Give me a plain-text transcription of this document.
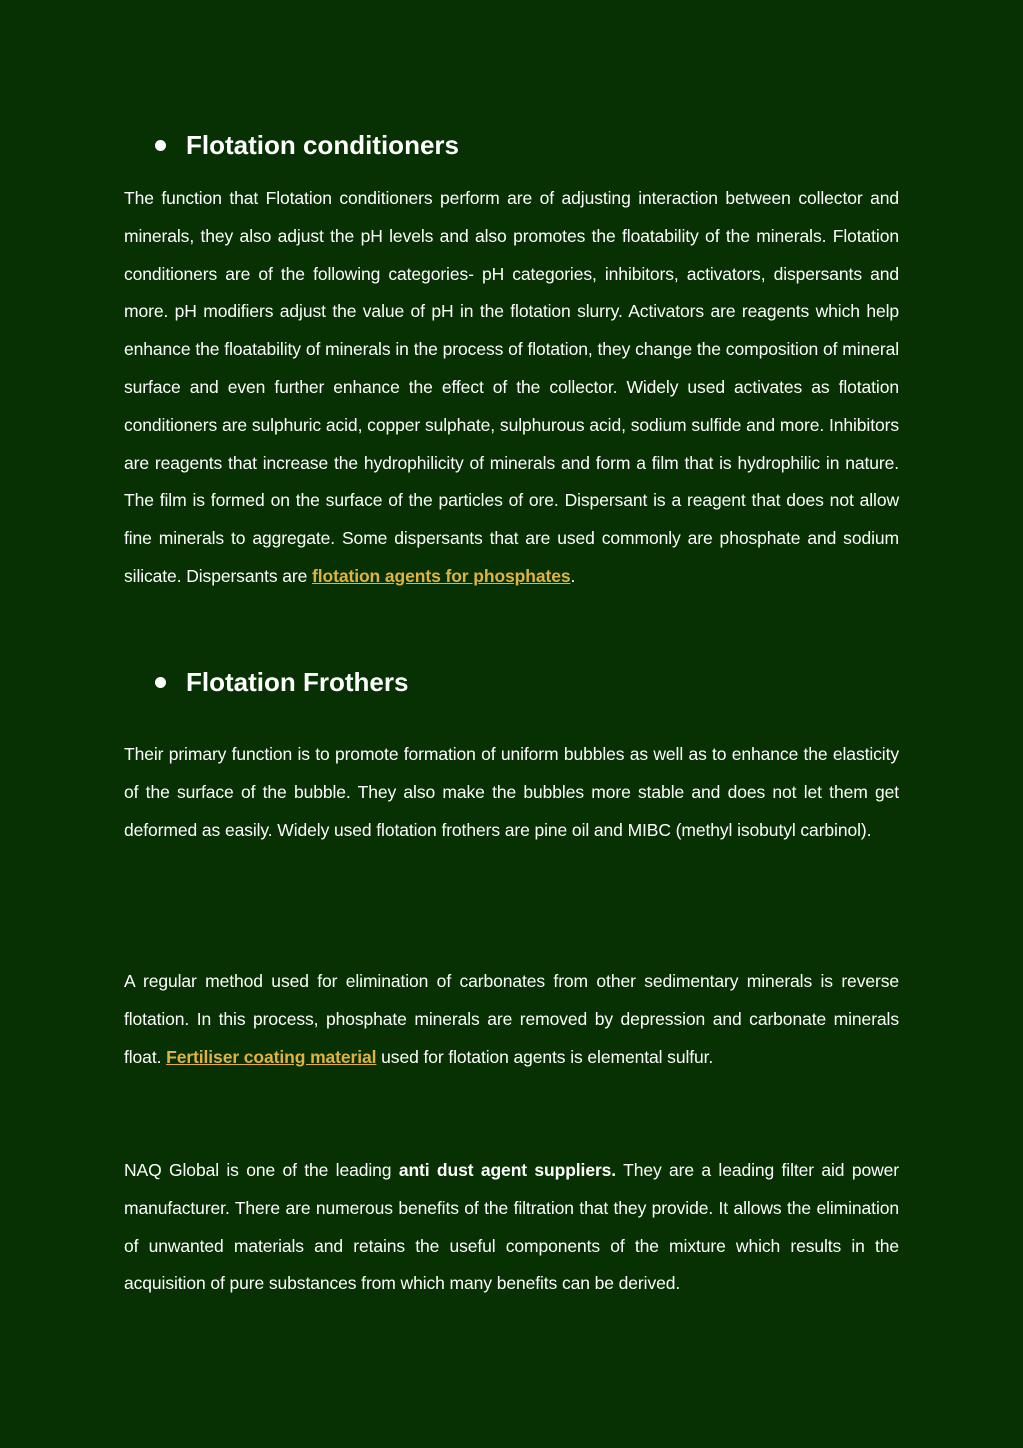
Flotation conditioners
The function that Flotation conditioners perform are of adjusting interaction between collector and minerals, they also adjust the pH levels and also promotes the floatability of the minerals. Flotation conditioners are of the following categories- pH categories, inhibitors, activators, dispersants and more. pH modifiers adjust the value of pH in the flotation slurry. Activators are reagents which help enhance the floatability of minerals in the process of flotation, they change the composition of mineral surface and even further enhance the effect of the collector. Widely used activates as flotation conditioners are sulphuric acid, copper sulphate, sulphurous acid, sodium sulfide and more. Inhibitors are reagents that increase the hydrophilicity of minerals and form a film that is hydrophilic in nature. The film is formed on the surface of the particles of ore. Dispersant is a reagent that does not allow fine minerals to aggregate. Some dispersants that are used commonly are phosphate and sodium silicate. Dispersants are flotation agents for phosphates.
Flotation Frothers
Their primary function is to promote formation of uniform bubbles as well as to enhance the elasticity of the surface of the bubble. They also make the bubbles more stable and does not let them get deformed as easily. Widely used flotation frothers are pine oil and MIBC (methyl isobutyl carbinol).
A regular method used for elimination of carbonates from other sedimentary minerals is reverse flotation. In this process, phosphate minerals are removed by depression and carbonate minerals float. Fertiliser coating material used for flotation agents is elemental sulfur.
NAQ Global is one of the leading anti dust agent suppliers. They are a leading filter aid power manufacturer. There are numerous benefits of the filtration that they provide. It allows the elimination of unwanted materials and retains the useful components of the mixture which results in the acquisition of pure substances from which many benefits can be derived.
